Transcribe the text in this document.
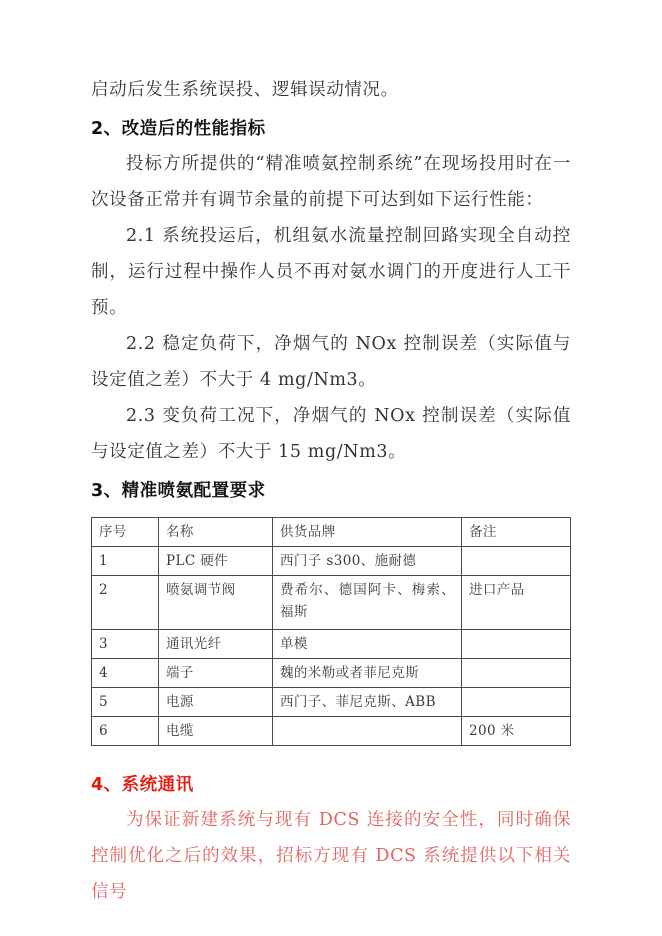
启动后发生系统误投、逻辑误动情况。

2、改造后的性能指标

投标方所提供的“精准喷氨控制系统”在现场投用时在一次设备正常并有调节余量的前提下可达到如下运行性能：

2.1 系统投运后，机组氨水流量控制回路实现全自动控制，运行过程中操作人员不再对氨水调门的开度进行人工干预。

2.2 稳定负荷下，净烟气的 NOx 控制误差（实际值与设定值之差）不大于 4 mg/Nm3。

2.3 变负荷工况下，净烟气的 NOx 控制误差（实际值与设定值之差）不大于 15 mg/Nm3。

3、精准喷氨配置要求
序号	名称	供货品牌	备注
1	PLC 硬件	西门子 s300、施耐德	
2	喷氨调节阀	费希尔、德国阿卡、梅索、福斯	进口产品
3	通讯光纤	单模	
4	端子	魏的米勒或者菲尼克斯	
5	电源	西门子、菲尼克斯、ABB	
6	电缆		200 米
4、系统通讯

为保证新建系统与现有 DCS 连接的安全性，同时确保控制优化之后的效果，招标方现有 DCS 系统提供以下相关信号
